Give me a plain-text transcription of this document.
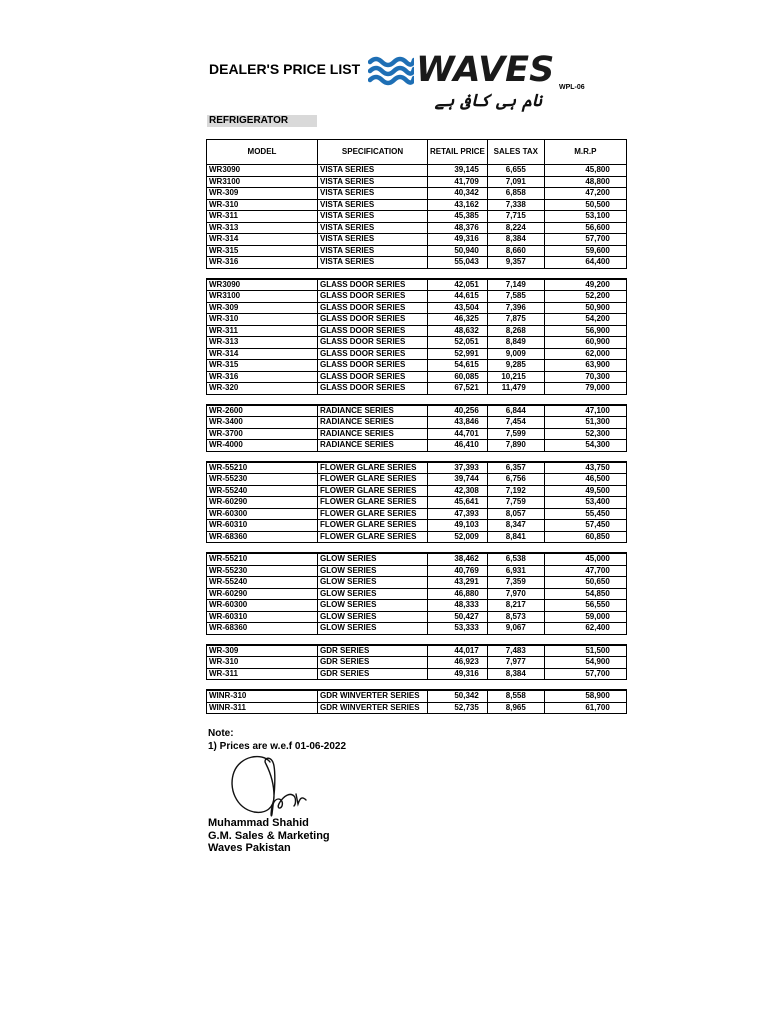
DEALER'S PRICE LIST WAVES
نام ہی کافی ہے
WPL-06
REFRIGERATOR
MODEL	SPECIFICATION	RETAIL PRICE	SALES TAX	M.R.P
WR3090	VISTA SERIES	39,145	6,655	45,800
WR3100	VISTA SERIES	41,709	7,091	48,800
WR-309	VISTA SERIES	40,342	6,858	47,200
WR-310	VISTA SERIES	43,162	7,338	50,500
WR-311	VISTA SERIES	45,385	7,715	53,100
WR-313	VISTA SERIES	48,376	8,224	56,600
WR-314	VISTA SERIES	49,316	8,384	57,700
WR-315	VISTA SERIES	50,940	8,660	59,600
WR-316	VISTA SERIES	55,043	9,357	64,400

WR3090	GLASS DOOR SERIES	42,051	7,149	49,200
WR3100	GLASS DOOR SERIES	44,615	7,585	52,200
WR-309	GLASS DOOR SERIES	43,504	7,396	50,900
WR-310	GLASS DOOR SERIES	46,325	7,875	54,200
WR-311	GLASS DOOR SERIES	48,632	8,268	56,900
WR-313	GLASS DOOR SERIES	52,051	8,849	60,900
WR-314	GLASS DOOR SERIES	52,991	9,009	62,000
WR-315	GLASS DOOR SERIES	54,615	9,285	63,900
WR-316	GLASS DOOR SERIES	60,085	10,215	70,300
WR-320	GLASS DOOR SERIES	67,521	11,479	79,000

WR-2600	RADIANCE SERIES	40,256	6,844	47,100
WR-3400	RADIANCE SERIES	43,846	7,454	51,300
WR-3700	RADIANCE SERIES	44,701	7,599	52,300
WR-4000	RADIANCE SERIES	46,410	7,890	54,300

WR-55210	FLOWER GLARE SERIES	37,393	6,357	43,750
WR-55230	FLOWER GLARE SERIES	39,744	6,756	46,500
WR-55240	FLOWER GLARE SERIES	42,308	7,192	49,500
WR-60290	FLOWER GLARE SERIES	45,641	7,759	53,400
WR-60300	FLOWER GLARE SERIES	47,393	8,057	55,450
WR-60310	FLOWER GLARE SERIES	49,103	8,347	57,450
WR-68360	FLOWER GLARE SERIES	52,009	8,841	60,850

WR-55210	GLOW SERIES	38,462	6,538	45,000
WR-55230	GLOW SERIES	40,769	6,931	47,700
WR-55240	GLOW SERIES	43,291	7,359	50,650
WR-60290	GLOW SERIES	46,880	7,970	54,850
WR-60300	GLOW SERIES	48,333	8,217	56,550
WR-60310	GLOW SERIES	50,427	8,573	59,000
WR-68360	GLOW SERIES	53,333	9,067	62,400

WR-309	GDR SERIES	44,017	7,483	51,500
WR-310	GDR SERIES	46,923	7,977	54,900
WR-311	GDR SERIES	49,316	8,384	57,700

WINR-310	GDR WINVERTER SERIES	50,342	8,558	58,900
WINR-311	GDR WINVERTER SERIES	52,735	8,965	61,700
Note:
1) Prices are w.e.f 01-06-2022
Muhammad Shahid
G.M. Sales & Marketing
Waves Pakistan
